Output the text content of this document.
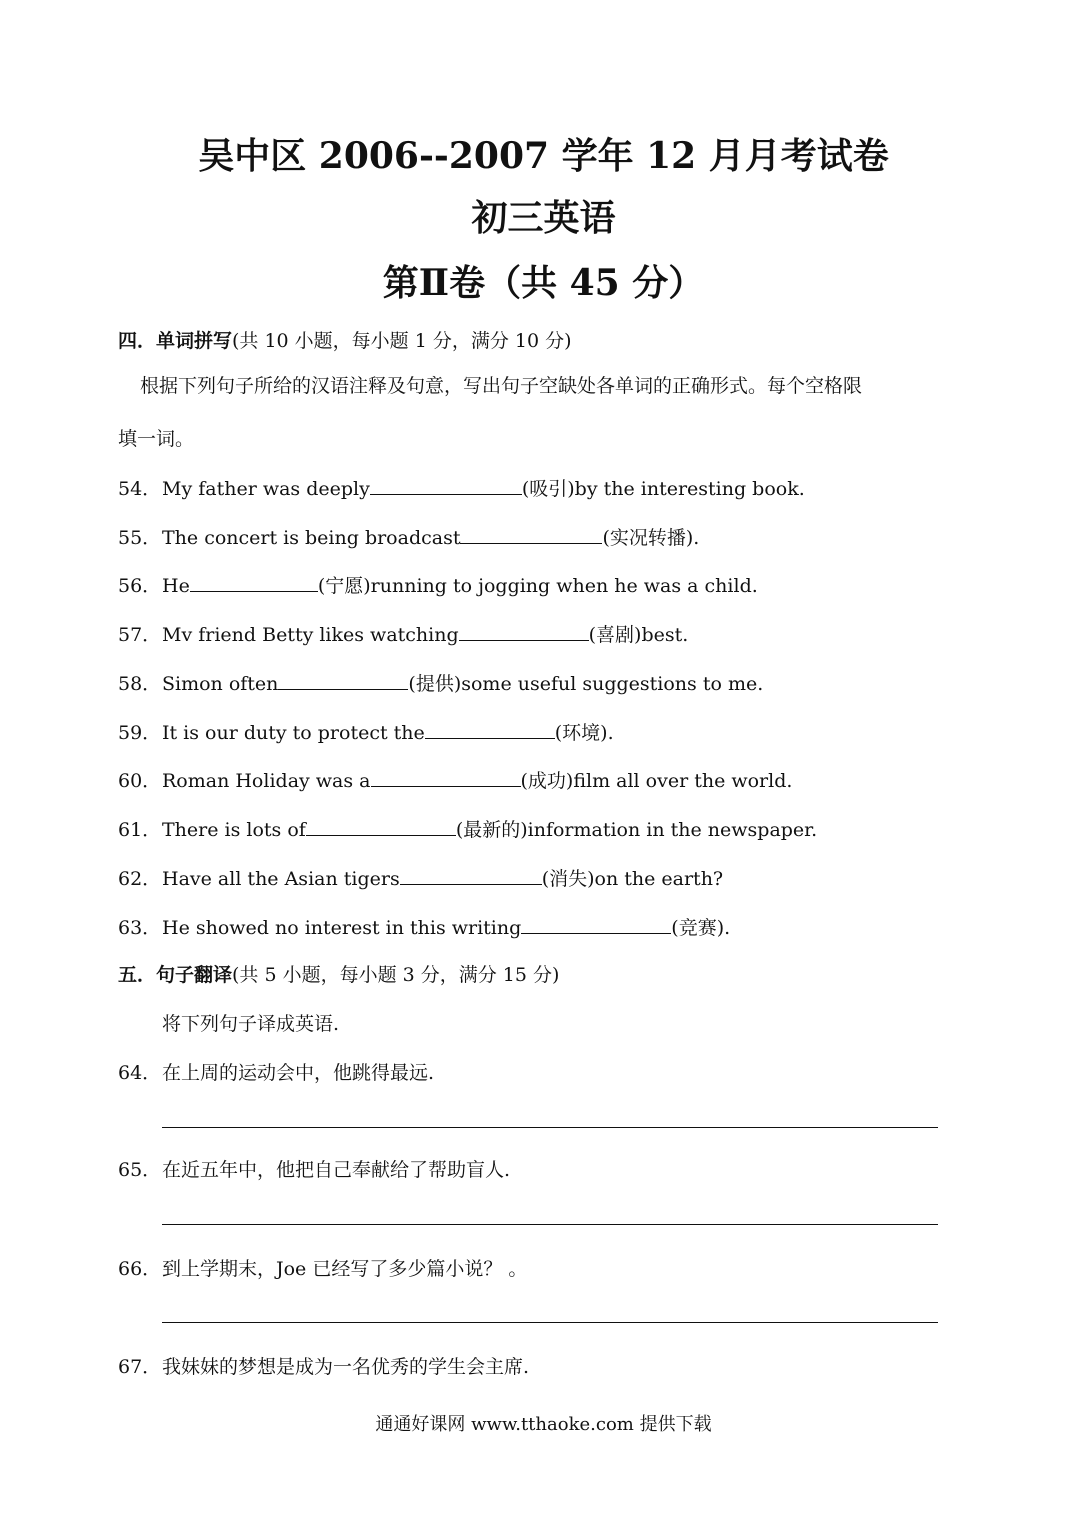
吴中区 2006--2007 学年 12 月月考试卷
初三英语
第Ⅱ卷（共 45 分）
四．单词拼写(共 10 小题，每小题 1 分，满分 10 分)
根据下列句子所给的汉语注释及句意，写出句子空缺处各单词的正确形式。每个空格限
填一词。
54．My father was deeply	(吸引)by the interesting book.
55．The concert is being broadcast	(实况转播).
56．He	(宁愿)running to jogging when he was a child.
57．Mv friend Betty likes watching	(喜剧)best.
58．Simon often	(提供)some useful suggestions to me.
59．It is our duty to protect the	(环境).
60．Roman Holiday was a	(成功)film all over the world.
61．There is lots of	(最新的)information in the newspaper.
62．Have all the Asian tigers	(消失)on the earth?
63．He showed no interest in this writing	(竞赛).
五．句子翻译(共 5 小题，每小题 3 分，满分 15 分)
将下列句子译成英语.
64．在上周的运动会中，他跳得最远.
65．在近五年中，他把自己奉献给了帮助盲人.
66．到上学期末，Joe 已经写了多少篇小说？ 。
67．我妹妹的梦想是成为一名优秀的学生会主席.
通通好课网 www.tthaoke.com 提供下载
